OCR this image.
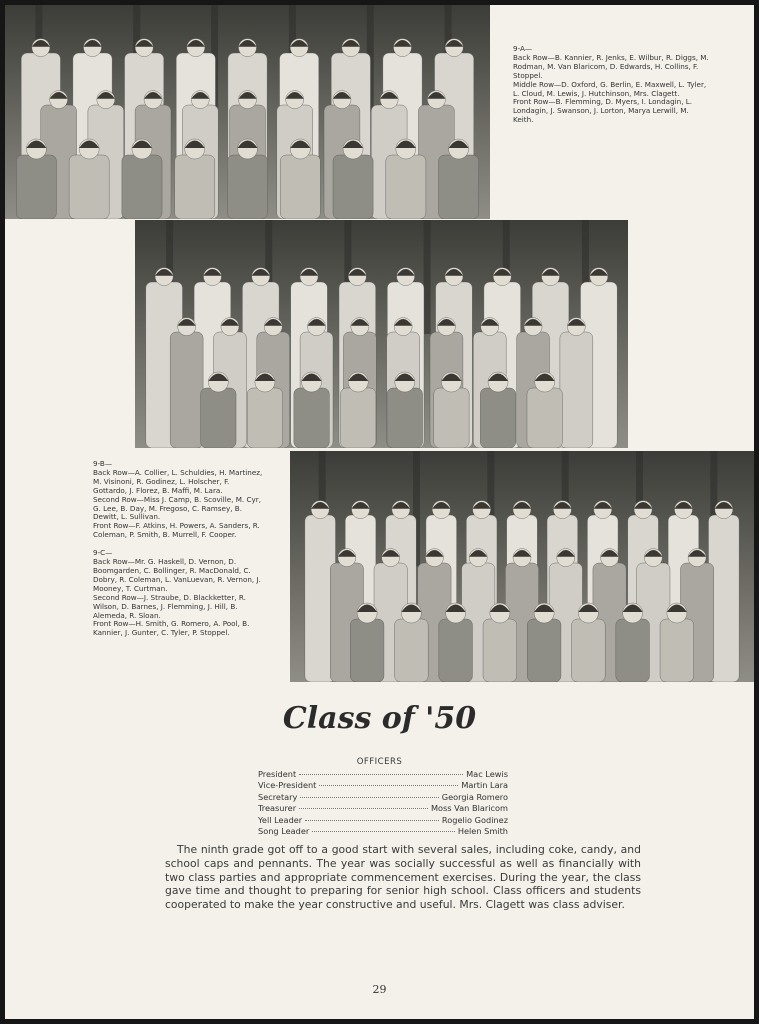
9-A—

Back Row—B. Kannier, R. Jenks, E. Wilbur, R. Diggs, M. Rodman, M. Van Blaricom, D. Edwards, H. Collins, F. Stoppel.

Middle Row—D. Oxford, G. Berlin, E. Maxwell, L. Tyler, L. Cloud, M. Lewis, J. Hutchinson, Mrs. Clagett.

Front Row—B. Flemming, D. Myers, I. Londagin, L. Londagin, J. Swanson, J. Lorton, Marya Lerwill, M. Keith.

9-B—

Back Row—A. Collier, L. Schuldies, H. Martinez, M. Visinoni, R. Godinez, L. Holscher, F. Gottardo, J. Florez, B. Maffi, M. Lara.

Second Row—Miss J. Camp, B. Scoville, M. Cyr, G. Lee, B. Day, M. Fregoso, C. Ramsey, B. Dewitt, L. Sullivan.

Front Row—F. Atkins, H. Powers, A. Sanders, R. Coleman, P. Smith, B. Murrell, F. Cooper.

9-C—

Back Row—Mr. G. Haskell, D. Vernon, D. Boomgarden, C. Bollinger, R. MacDonald, C. Dobry, R. Coleman, L. VanLuevan, R. Vernon, J. Mooney, T. Curtman.

Second Row—J. Straube, D. Blackketter, R. Wilson, D. Barnes, J. Flemming, J. Hill, B. Alemeda, R. Sloan.

Front Row—H. Smith, G. Romero, A. Pool, B. Kannier, J. Gunter, C. Tyler, P. Stoppel.

Class of '50
OFFICERS
President	Mac Lewis
Vice-President	Martin Lara
Secretary	Georgia Romero
Treasurer	Moss Van Blaricom
Yell Leader	Rogelio Godinez
Song Leader	Helen Smith

The ninth grade got off to a good start with several sales, including coke, candy, and school caps and pennants. The year was socially successful as well as financially with two class parties and appropriate commencement exercises. During the year, the class gave time and thought to preparing for senior high school. Class officers and students cooperated to make the year constructive and useful. Mrs. Clagett was class adviser.

29
